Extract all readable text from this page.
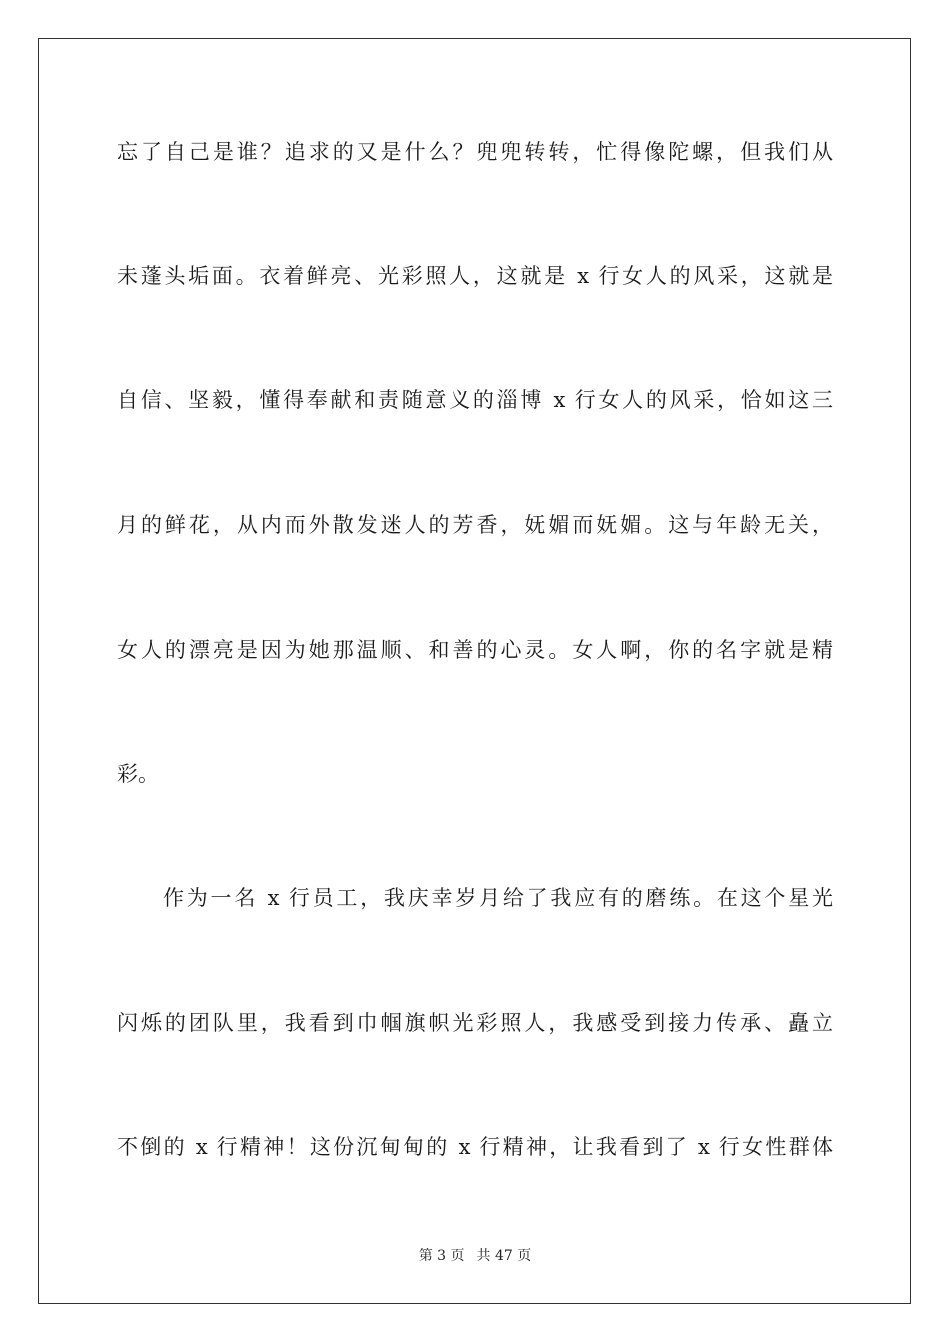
忘了自己是谁？追求的又是什么？兜兜转转，忙得像陀螺，但我们从
未蓬头垢面。衣着鲜亮、光彩照人，这就是 x 行女人的风采，这就是
自信、坚毅，懂得奉献和责随意义的淄博 x 行女人的风采，恰如这三
月的鲜花，从内而外散发迷人的芳香，妩媚而妩媚。这与年龄无关，
女人的漂亮是因为她那温顺、和善的心灵。女人啊，你的名字就是精
彩。
作为一名 x 行员工，我庆幸岁月给了我应有的磨练。在这个星光
闪烁的团队里，我看到巾帼旗帜光彩照人，我感受到接力传承、矗立
不倒的 x 行精神！这份沉甸甸的 x 行精神，让我看到了 x 行女性群体
第 3 页 共 47 页
